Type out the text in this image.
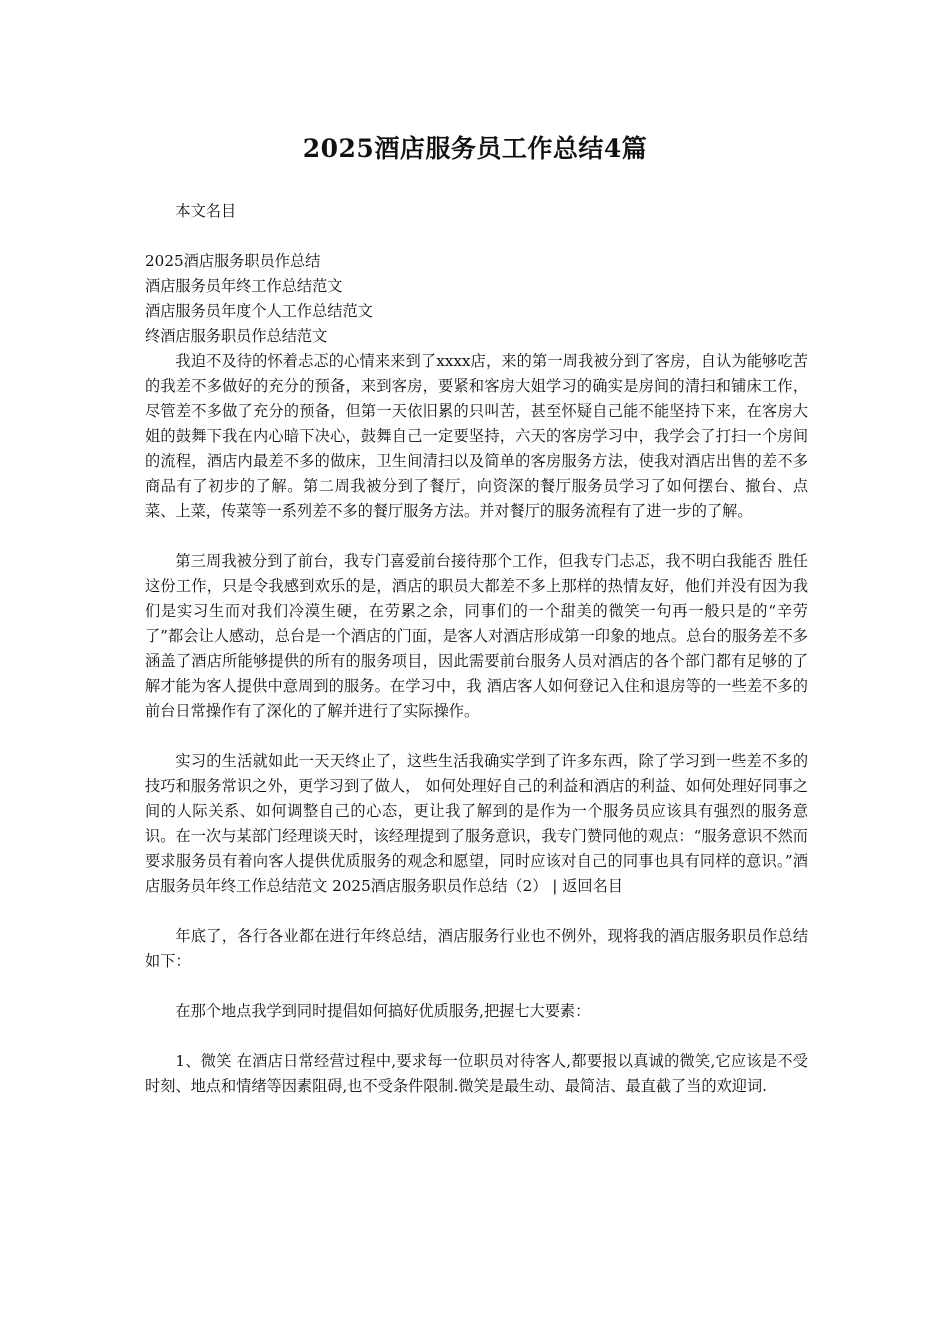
2025酒店服务员工作总结4篇

本文名目

2025酒店服务职员作总结

酒店服务员年终工作总结范文

酒店服务员年度个人工作总结范文

终酒店服务职员作总结范文

我迫不及待的怀着忐忑的心情来来到了xxxx店，来的第一周我被分到了客房，自认为能够吃苦的我差不多做好的充分的预备，来到客房，要紧和客房大姐学习的确实是房间的清扫和铺床工作，尽管差不多做了充分的预备，但第一天依旧累的只叫苦，甚至怀疑自己能不能坚持下来，在客房大姐的鼓舞下我在内心暗下决心，鼓舞自己一定要坚持，六天的客房学习中，我学会了打扫一个房间的流程，酒店内最差不多的做床，卫生间清扫以及简单的客房服务方法，使我对酒店出售的差不多商品有了初步的了解。第二周我被分到了餐厅，向资深的餐厅服务员学习了如何摆台、撤台、点菜、上菜，传菜等一系列差不多的餐厅服务方法。并对餐厅的服务流程有了进一步的了解。

第三周我被分到了前台，我专门喜爱前台接待那个工作，但我专门忐忑，我不明白我能否 胜任这份工作，只是令我感到欢乐的是，酒店的职员大都差不多上那样的热情友好，他们并没有因为我们是实习生而对我们冷漠生硬，在劳累之余，同事们的一个甜美的微笑一句再一般只是的“辛劳了”都会让人感动，总台是一个酒店的门面，是客人对酒店形成第一印象的地点。总台的服务差不多涵盖了酒店所能够提供的所有的服务项目，因此需要前台服务人员对酒店的各个部门都有足够的了解才能为客人提供中意周到的服务。在学习中，我 酒店客人如何登记入住和退房等的一些差不多的前台日常操作有了深化的了解并进行了实际操作。

实习的生活就如此一天天终止了，这些生活我确实学到了许多东西，除了学习到一些差不多的技巧和服务常识之外，更学习到了做人， 如何处理好自己的利益和酒店的利益、如何处理好同事之间的人际关系、如何调整自己的心态，更让我了解到的是作为一个服务员应该具有强烈的服务意识。在一次与某部门经理谈天时，该经理提到了服务意识，我专门赞同他的观点：“服务意识不然而要求服务员有着向客人提供优质服务的观念和愿望，同时应该对自己的同事也具有同样的意识。”酒店服务员年终工作总结范文 2025酒店服务职员作总结（2） | 返回名目

年底了，各行各业都在进行年终总结，酒店服务行业也不例外，现将我的酒店服务职员作总结如下：

在那个地点我学到同时提倡如何搞好优质服务,把握七大要素：

1、微笑 在酒店日常经营过程中,要求每一位职员对待客人,都要报以真诚的微笑,它应该是不受时刻、地点和情绪等因素阻碍,也不受条件限制.微笑是最生动、最简洁、最直截了当的欢迎词.
